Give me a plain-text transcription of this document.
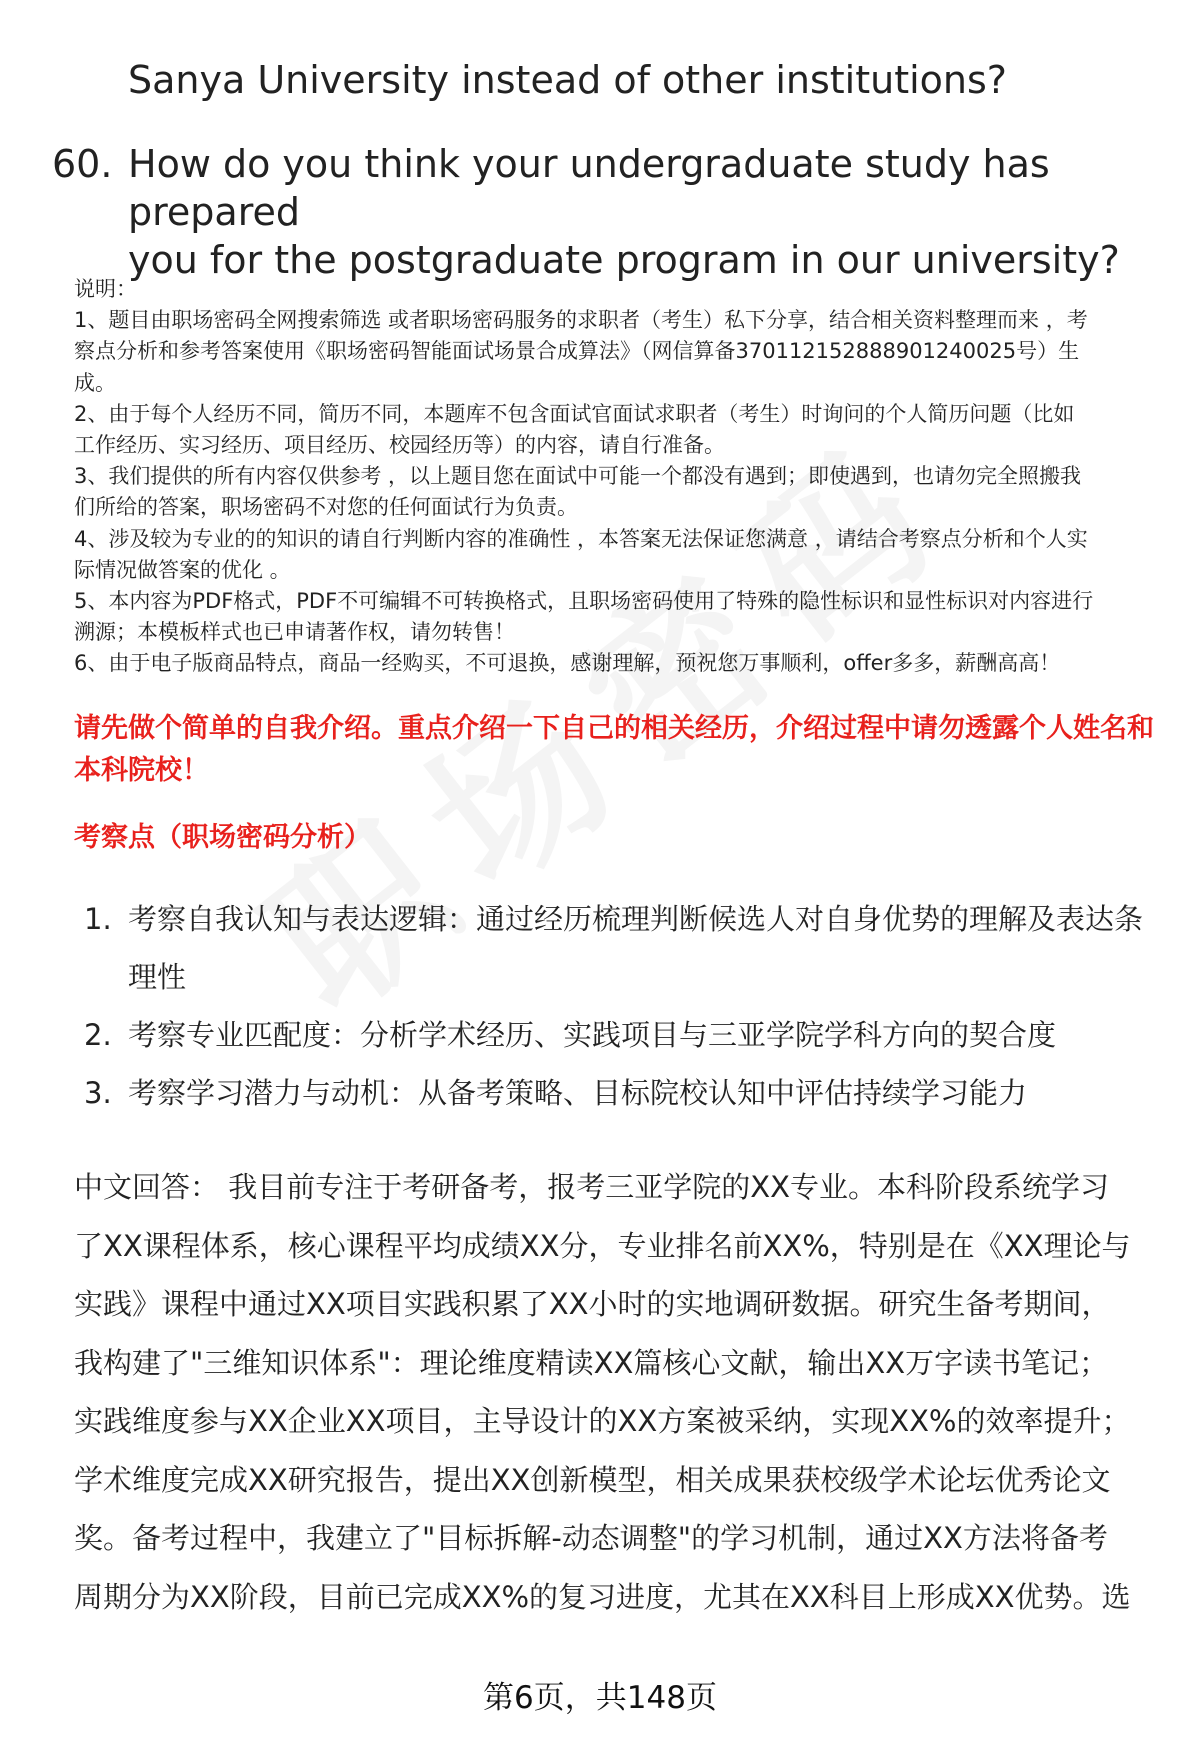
Sanya University instead of other institutions?
60. How do you think your undergraduate study has prepared
you for the postgraduate program in our university?
说明：
1、题目由职场密码全网搜索筛选 或者职场密码服务的求职者（考生）私下分享，结合相关资料整理而来 ，考
察点分析和参考答案使用《职场密码智能面试场景合成算法》（网信算备370112152888901240025号）生
成。
2、由于每个人经历不同，简历不同，本题库不包含面试官面试求职者（考生）时询问的个人简历问题（比如
工作经历、实习经历、项目经历、校园经历等）的内容，请自行准备。
3、我们提供的所有内容仅供参考 ，以上题目您在面试中可能一个都没有遇到；即使遇到，也请勿完全照搬我
们所给的答案，职场密码不对您的任何面试行为负责。
4、涉及较为专业的的知识的请自行判断内容的准确性 ，本答案无法保证您满意 ，请结合考察点分析和个人实
际情况做答案的优化 。
5、本内容为PDF格式，PDF不可编辑不可转换格式，且职场密码使用了特殊的隐性标识和显性标识对内容进行
溯源；本模板样式也已申请著作权，请勿转售！
6、由于电子版商品特点，商品一经购买，不可退换，感谢理解，预祝您万事顺利，offer多多，薪酬高高！
请先做个简单的自我介绍。重点介绍一下自己的相关经历，介绍过程中请勿透露个人姓名和本科院校！
考察点（职场密码分析）
1. 考察自我认知与表达逻辑：通过经历梳理判断候选人对自身优势的理解及表达条理性
2. 考察专业匹配度：分析学术经历、实践项目与三亚学院学科方向的契合度
3. 考察学习潜力与动机：从备考策略、目标院校认知中评估持续学习能力
中文回答： 我目前专注于考研备考，报考三亚学院的XX专业。本科阶段系统学习
了XX课程体系，核心课程平均成绩XX分，专业排名前XX%，特别是在《XX理论与
实践》课程中通过XX项目实践积累了XX小时的实地调研数据。研究生备考期间，
我构建了"三维知识体系"：理论维度精读XX篇核心文献，输出XX万字读书笔记；
实践维度参与XX企业XX项目，主导设计的XX方案被采纳，实现XX%的效率提升；
学术维度完成XX研究报告，提出XX创新模型，相关成果获校级学术论坛优秀论文
奖。备考过程中，我建立了"目标拆解-动态调整"的学习机制，通过XX方法将备考
周期分为XX阶段，目前已完成XX%的复习进度，尤其在XX科目上形成XX优势。选
第6页，共148页
